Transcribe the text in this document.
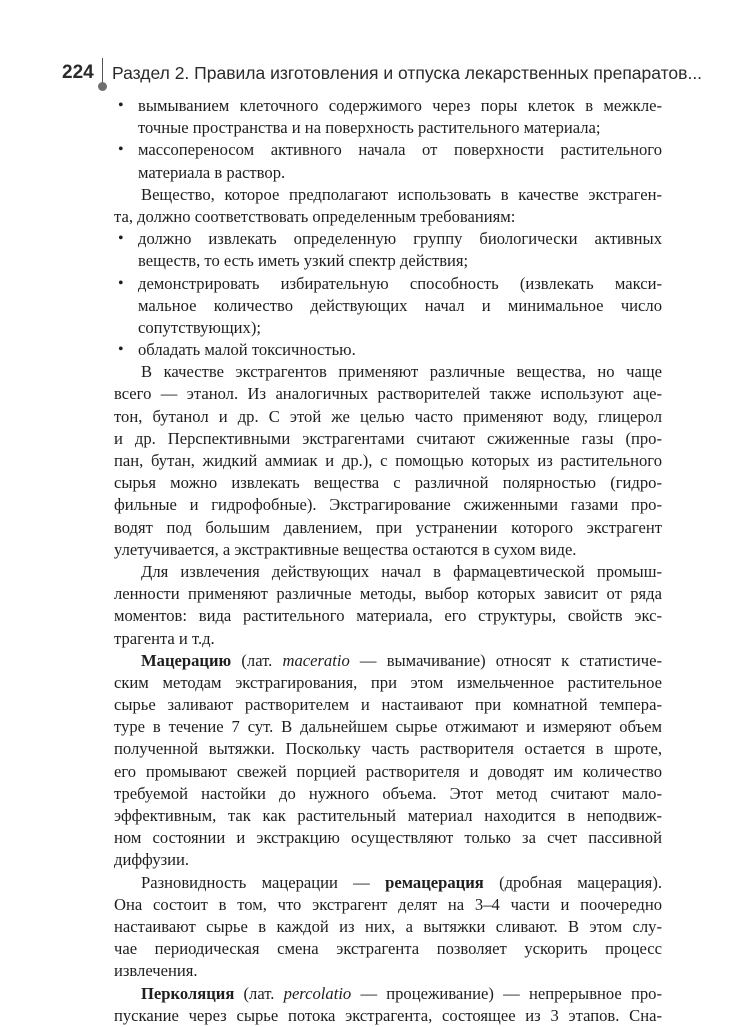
224 Раздел 2. Правила изготовления и отпуска лекарственных препаратов...
• вымыванием клеточного содержимого через поры клеток в межкле-
точные пространства и на поверхность растительного материала;
• массопереносом активного начала от поверхности растительного
материала в раствор.
Вещество, которое предполагают использовать в качестве экстраген-
та, должно соответствовать определенным требованиям:
• должно извлекать определенную группу биологически активных
веществ, то есть иметь узкий спектр действия;
• демонстрировать избирательную способность (извлекать макси-
мальное количество действующих начал и минимальное число
сопутствующих);
• обладать малой токсичностью.
В качестве экстрагентов применяют различные вещества, но чаще
всего — этанол. Из аналогичных растворителей также используют аце-
тон, бутанол и др. С этой же целью часто применяют воду, глицерол
и др. Перспективными экстрагентами считают сжиженные газы (про-
пан, бутан, жидкий аммиак и др.), с помощью которых из растительного
сырья можно извлекать вещества с различной полярностью (гидро-
фильные и гидрофобные). Экстрагирование сжиженными газами про-
водят под большим давлением, при устранении которого экстрагент
улетучивается, а экстрактивные вещества остаются в сухом виде.
Для извлечения действующих начал в фармацевтической промыш-
ленности применяют различные методы, выбор которых зависит от ряда
моментов: вида растительного материала, его структуры, свойств экс-
трагента и т.д.
Мацерацию (лат. maceratio — вымачивание) относят к статистиче-
ским методам экстрагирования, при этом измельченное растительное
сырье заливают растворителем и настаивают при комнатной темпера-
туре в течение 7 сут. В дальнейшем сырье отжимают и измеряют объем
полученной вытяжки. Поскольку часть растворителя остается в шроте,
его промывают свежей порцией растворителя и доводят им количество
требуемой настойки до нужного объема. Этот метод считают мало-
эффективным, так как растительный материал находится в неподвиж-
ном состоянии и экстракцию осуществляют только за счет пассивной
диффузии.
Разновидность мацерации — ремацерация (дробная мацерация).
Она состоит в том, что экстрагент делят на 3–4 части и поочередно
настаивают сырье в каждой из них, а вытяжки сливают. В этом слу-
чае периодическая смена экстрагента позволяет ускорить процесс
извлечения.
Перколяция (лат. percolatio — процеживание) — непрерывное про-
пускание через сырье потока экстрагента, состоящее из 3 этапов. Сна-
